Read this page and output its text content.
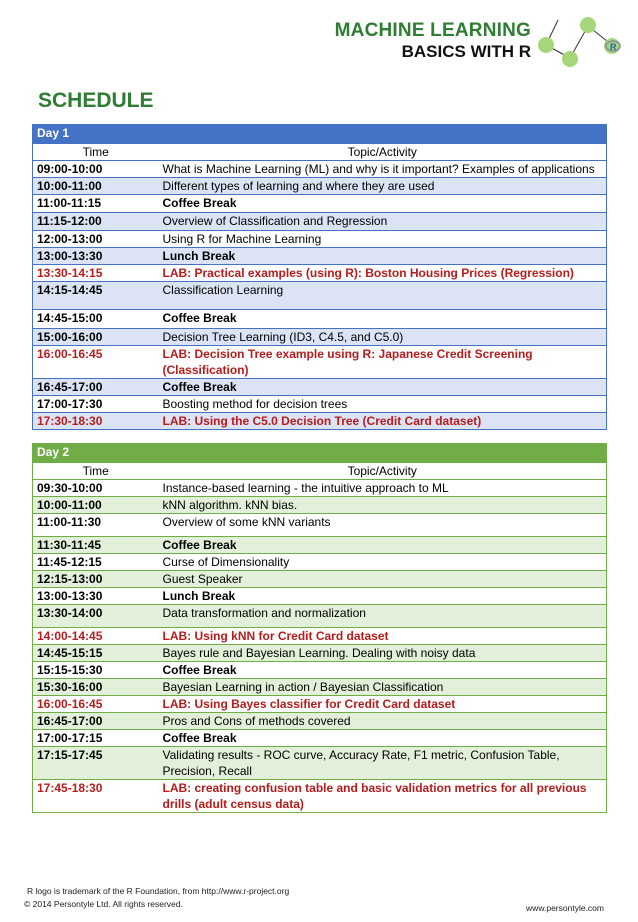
MACHINE LEARNING
BASICS WITH R	R
SCHEDULE
Day 1	
Time	Topic/Activity
09:00-10:00	What is Machine Learning (ML) and why is it important? Examples of applications
10:00-11:00	Different types of learning and where they are used
11:00-11:15	Coffee Break
11:15-12:00	Overview of Classification and Regression
12:00-13:00	Using R for Machine Learning
13:00-13:30	Lunch Break
13:30-14:15	LAB: Practical examples (using R): Boston Housing Prices (Regression)
14:15-14:45	Classification Learning
14:45-15:00	Coffee Break
15:00-16:00	Decision Tree Learning (ID3, C4.5, and C5.0)
16:00-16:45	LAB: Decision Tree example using R: Japanese Credit Screening (Classification)
16:45-17:00	Coffee Break
17:00-17:30	Boosting method for decision trees
17:30-18:30	LAB: Using the C5.0 Decision Tree (Credit Card dataset)
Day 2	
Time	Topic/Activity
09:30-10:00	Instance-based learning - the intuitive approach to ML
10:00-11:00	kNN algorithm. kNN bias.
11:00-11:30	Overview of some kNN variants
11:30-11:45	Coffee Break
11:45-12:15	Curse of Dimensionality
12:15-13:00	Guest Speaker
13:00-13:30	Lunch Break
13:30-14:00	Data transformation and normalization
14:00-14:45	LAB: Using kNN for Credit Card dataset
14:45-15:15	Bayes rule and Bayesian Learning. Dealing with noisy data
15:15-15:30	Coffee Break
15:30-16:00	Bayesian Learning in action / Bayesian Classification
16:00-16:45	LAB: Using Bayes classifier for Credit Card dataset
16:45-17:00	Pros and Cons of methods covered
17:00-17:15	Coffee Break
17:15-17:45	Validating results - ROC curve, Accuracy Rate, F1 metric, Confusion Table, Precision, Recall
17:45-18:30	LAB: creating confusion table and basic validation metrics for all previous drills (adult census data)
R logo is trademark of the R Foundation, from http://www.r-project.org
© 2014 Persontyle Ltd. All rights reserved.	www.persontyle.com
